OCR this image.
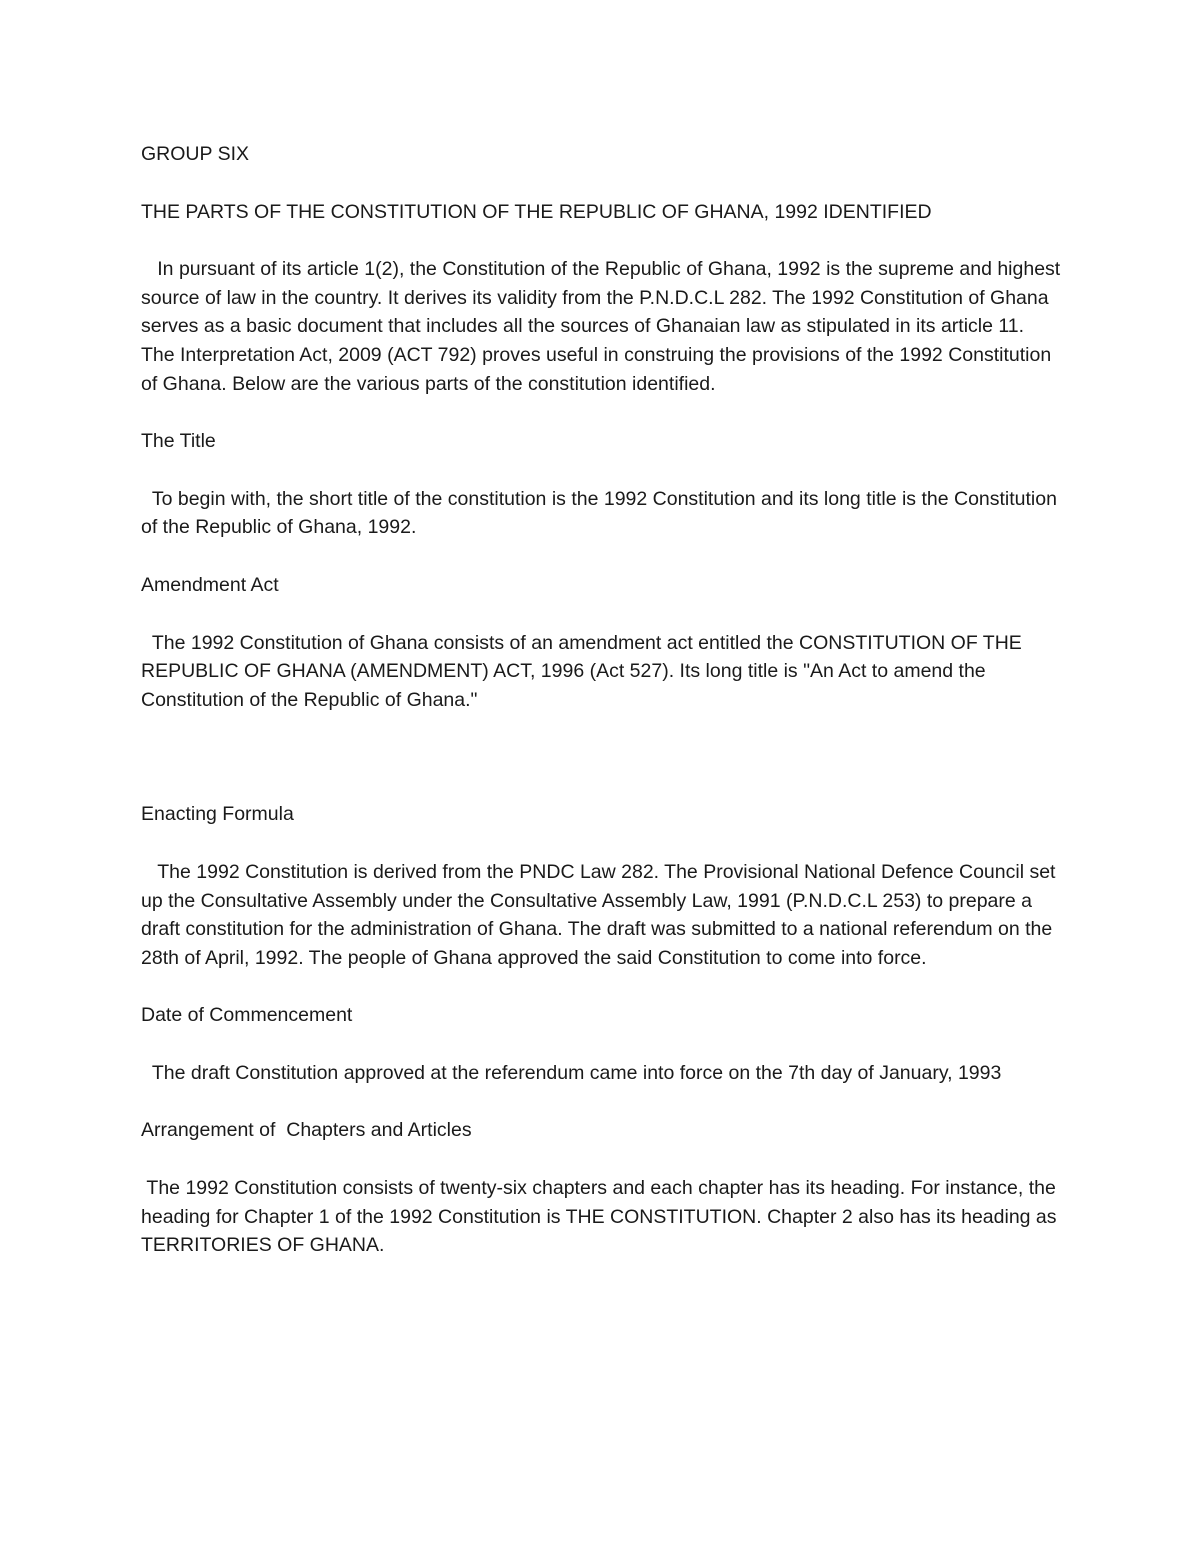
GROUP SIX

THE PARTS OF THE CONSTITUTION OF THE REPUBLIC OF GHANA, 1992 IDENTIFIED

In pursuant of its article 1(2), the Constitution of the Republic of Ghana, 1992 is the supreme and highest source of law in the country. It derives its validity from the P.N.D.C.L 282. The 1992 Constitution of Ghana serves as a basic document that includes all the sources of Ghanaian law as stipulated in its article 11. The Interpretation Act, 2009 (ACT 792) proves useful in construing the provisions of the 1992 Constitution of Ghana. Below are the various parts of the constitution identified.

The Title

To begin with, the short title of the constitution is the 1992 Constitution and its long title is the Constitution of the Republic of Ghana, 1992.

Amendment Act

The 1992 Constitution of Ghana consists of an amendment act entitled the CONSTITUTION OF THE REPUBLIC OF GHANA (AMENDMENT) ACT, 1996 (Act 527). Its long title is "An Act to amend the Constitution of the Republic of Ghana."

Enacting Formula

The 1992 Constitution is derived from the PNDC Law 282. The Provisional National Defence Council set up the Consultative Assembly under the Consultative Assembly Law, 1991 (P.N.D.C.L 253) to prepare a draft constitution for the administration of Ghana. The draft was submitted to a national referendum on the 28th of April, 1992. The people of Ghana approved the said Constitution to come into force.

Date of Commencement

The draft Constitution approved at the referendum came into force on the 7th day of January, 1993

Arrangement of  Chapters and Articles

The 1992 Constitution consists of twenty-six chapters and each chapter has its heading. For instance, the heading for Chapter 1 of the 1992 Constitution is THE CONSTITUTION. Chapter 2 also has its heading as TERRITORIES OF GHANA.
